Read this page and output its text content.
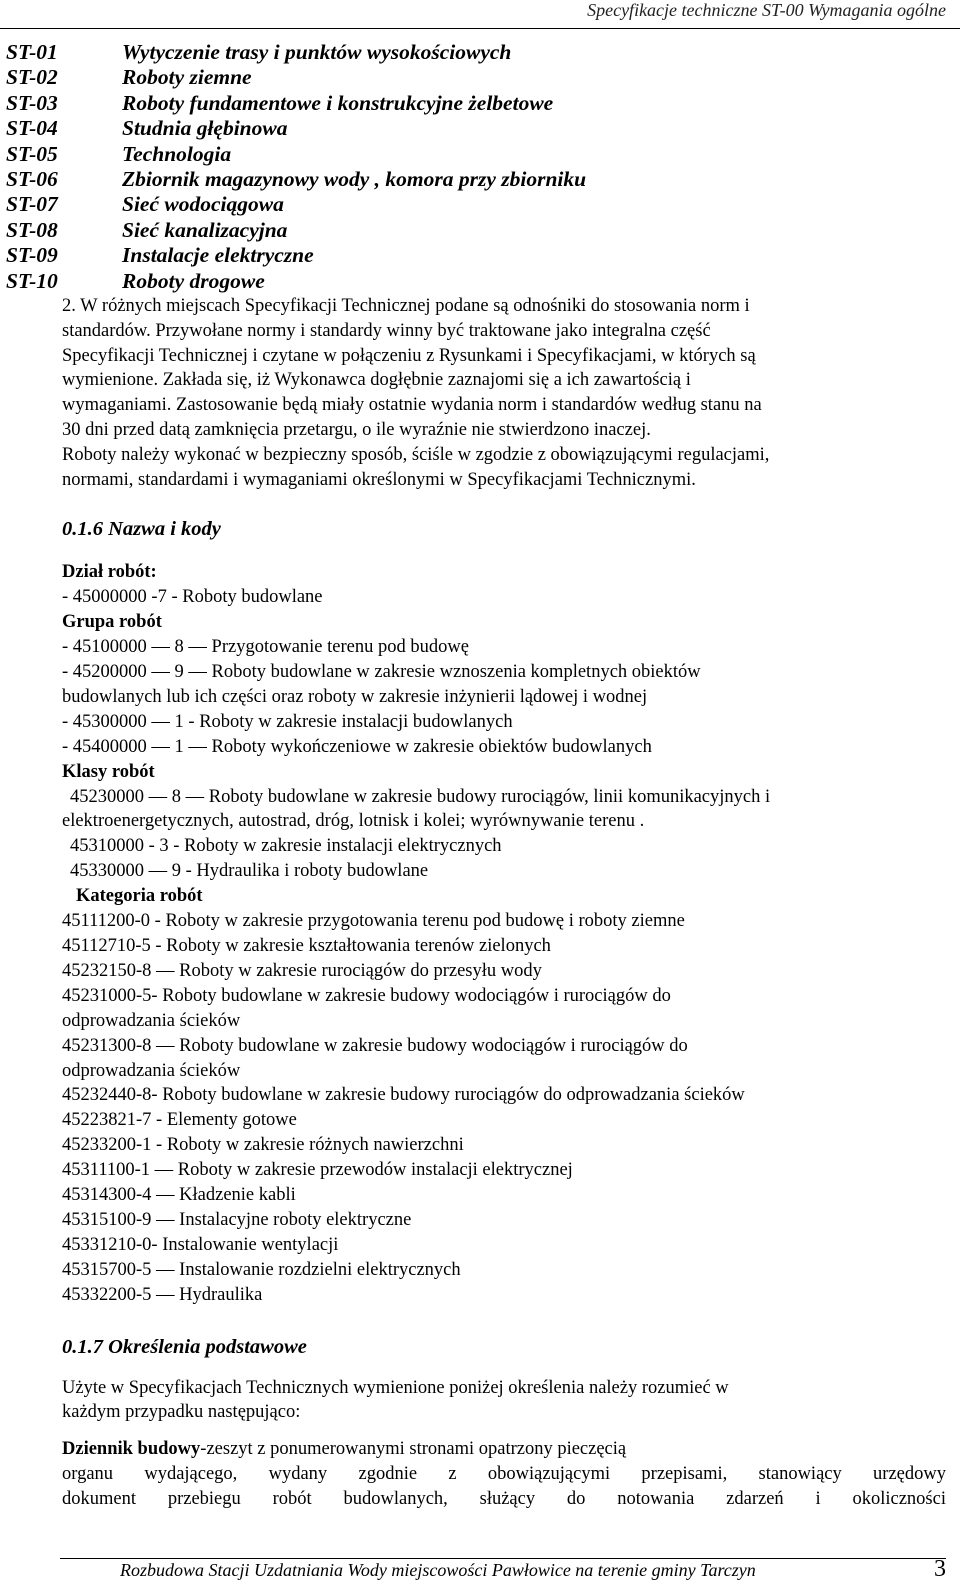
Specyfikacje techniczne ST-00 Wymagania ogólne
ST-01	Wytyczenie trasy i punktów wysokościowych
ST-02	Roboty ziemne
ST-03	Roboty fundamentowe i konstrukcyjne żelbetowe
ST-04	Studnia głębinowa
ST-05	Technologia
ST-06	Zbiornik magazynowy wody , komora przy zbiorniku
ST-07	Sieć wodociągowa
ST-08	Sieć kanalizacyjna
ST-09	Instalacje elektryczne
ST-10	Roboty drogowe

2. W różnych miejscach Specyfikacji Technicznej podane są odnośniki do stosowania norm i

standardów. Przywołane normy i standardy winny być traktowane jako integralna część

Specyfikacji Technicznej i czytane w połączeniu z Rysunkami i Specyfikacjami, w których są

wymienione. Zakłada się, iż Wykonawca dogłębnie zaznajomi się a ich zawartością i

wymaganiami. Zastosowanie będą miały ostatnie wydania norm i standardów według stanu na

30 dni przed datą zamknięcia przetargu, o ile wyraźnie nie stwierdzono inaczej.

Roboty należy wykonać w bezpieczny sposób, ściśle w zgodzie z obowiązującymi regulacjami,

normami, standardami i wymaganiami określonymi w Specyfikacjami Technicznymi.

0.1.6 Nazwa i kody

Dział robót:

- 45000000 -7 - Roboty budowlane

Grupa robót

- 45100000 — 8 — Przygotowanie terenu pod budowę

- 45200000 — 9 — Roboty budowlane w zakresie wznoszenia kompletnych obiektów

budowlanych lub ich części oraz roboty w zakresie inżynierii lądowej i wodnej

- 45300000 — 1 - Roboty w zakresie instalacji budowlanych

- 45400000 — 1 — Roboty wykończeniowe w zakresie obiektów budowlanych

Klasy robót

45230000 — 8 — Roboty budowlane w zakresie budowy rurociągów, linii komunikacyjnych i

elektroenergetycznych, autostrad, dróg, lotnisk i kolei; wyrównywanie terenu .

45310000 - 3 - Roboty w zakresie instalacji elektrycznych

45330000 — 9 - Hydraulika i roboty budowlane

Kategoria robót

45111200-0 - Roboty w zakresie przygotowania terenu pod budowę i roboty ziemne

45112710-5 - Roboty w zakresie kształtowania terenów zielonych

45232150-8 — Roboty w zakresie rurociągów do przesyłu wody

45231000-5- Roboty budowlane w zakresie budowy wodociągów i rurociągów do

odprowadzania ścieków

45231300-8 — Roboty budowlane w zakresie budowy wodociągów i rurociągów do

odprowadzania ścieków

45232440-8- Roboty budowlane w zakresie budowy rurociągów do odprowadzania ścieków

45223821-7 - Elementy gotowe

45233200-1 - Roboty w zakresie różnych nawierzchni

45311100-1 — Roboty w zakresie przewodów instalacji elektrycznej

45314300-4 — Kładzenie kabli

45315100-9 — Instalacyjne roboty elektryczne

45331210-0- Instalowanie wentylacji

45315700-5 — Instalowanie rozdzielni elektrycznych

45332200-5 — Hydraulika

0.1.7 Określenia podstawowe

Użyte w Specyfikacjach Technicznych wymienione poniżej określenia należy rozumieć w

każdym przypadku następująco:

Dziennik budowy-zeszyt z ponumerowanymi stronami opatrzony pieczęcią

organu wydającego, wydany zgodnie z obowiązującymi przepisami, stanowiący urzędowy

dokument przebiegu robót budowlanych, służący do notowania zdarzeń i okoliczności

Rozbudowa Stacji Uzdatniania Wody miejscowości Pawłowice na terenie gminy Tarczyn	3
